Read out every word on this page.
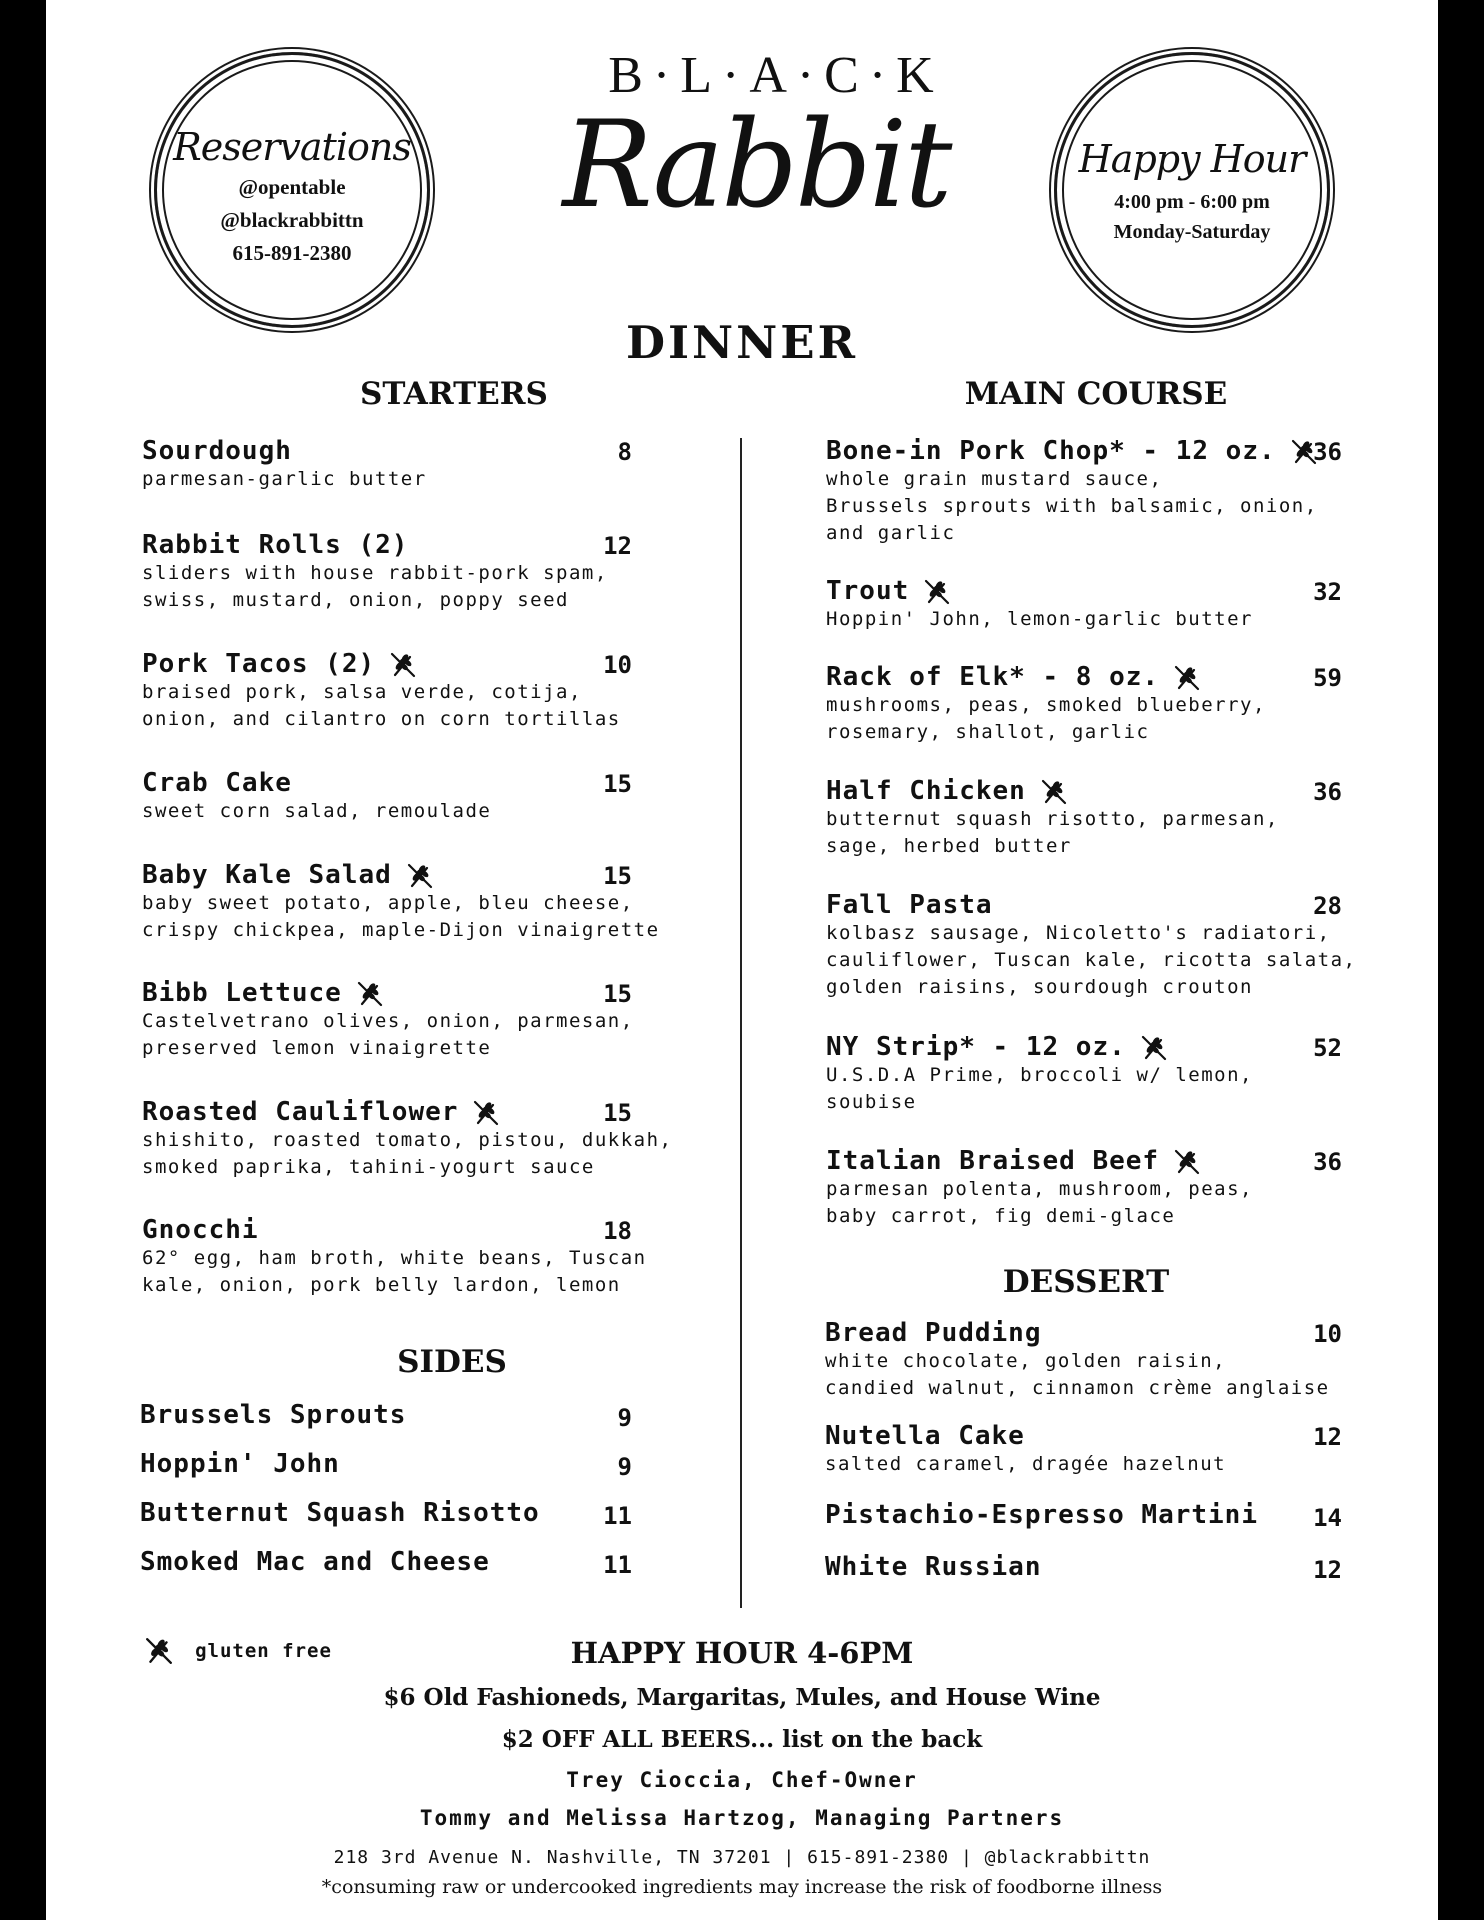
Reservations
@opentable
@blackrabbittn
615-891-2380
B·L·A·C·K
Rabbit	Happy Hour
4:00 pm - 6:00 pm
Monday-Saturday
DINNER
STARTERS	MAIN COURSE
Sourdough
parmesan-garlic butter
8
Rabbit Rolls (2)
sliders with house rabbit-pork spam,
swiss, mustard, onion, poppy seed
12
Pork Tacos (2)
braised pork, salsa verde, cotija,
onion, and cilantro on corn tortillas
10
Crab Cake
sweet corn salad, remoulade
15
Baby Kale Salad
baby sweet potato, apple, bleu cheese,
crispy chickpea, maple-Dijon vinaigrette
15
Bibb Lettuce
Castelvetrano olives, onion, parmesan,
preserved lemon vinaigrette
15
Roasted Cauliflower
shishito, roasted tomato, pistou, dukkah,
smoked paprika, tahini-yogurt sauce
15
Gnocchi
62° egg, ham broth, white beans, Tuscan
kale, onion, pork belly lardon, lemon
18
SIDES
Brussels Sprouts	9
Hoppin' John	9
Butternut Squash Risotto	11
Smoked Mac and Cheese	11
Bone-in Pork Chop* - 12 oz.
whole grain mustard sauce,
Brussels sprouts with balsamic, onion,
and garlic
36
Trout
Hoppin' John, lemon-garlic butter
32
Rack of Elk* - 8 oz.
mushrooms, peas, smoked blueberry,
rosemary, shallot, garlic
59
Half Chicken
butternut squash risotto, parmesan,
sage, herbed butter
36
Fall Pasta
kolbasz sausage, Nicoletto's radiatori,
cauliflower, Tuscan kale, ricotta salata,
golden raisins, sourdough crouton
28
NY Strip* - 12 oz.
U.S.D.A Prime, broccoli w/ lemon,
soubise
52
Italian Braised Beef
parmesan polenta, mushroom, peas,
baby carrot, fig demi-glace
36
DESSERT
Bread Pudding
white chocolate, golden raisin,
candied walnut, cinnamon crème anglaise
10
Nutella Cake
salted caramel, dragée hazelnut
12
Pistachio-Espresso Martini	14
White Russian	12
gluten free	HAPPY HOUR 4-6PM
$6 Old Fashioneds, Margaritas, Mules, and House Wine
$2 OFF ALL BEERS... list on the back
Trey Cioccia, Chef-Owner
Tommy and Melissa Hartzog, Managing Partners
218 3rd Avenue N. Nashville, TN 37201 | 615-891-2380 | @blackrabbittn
*consuming raw or undercooked ingredients may increase the risk of foodborne illness
